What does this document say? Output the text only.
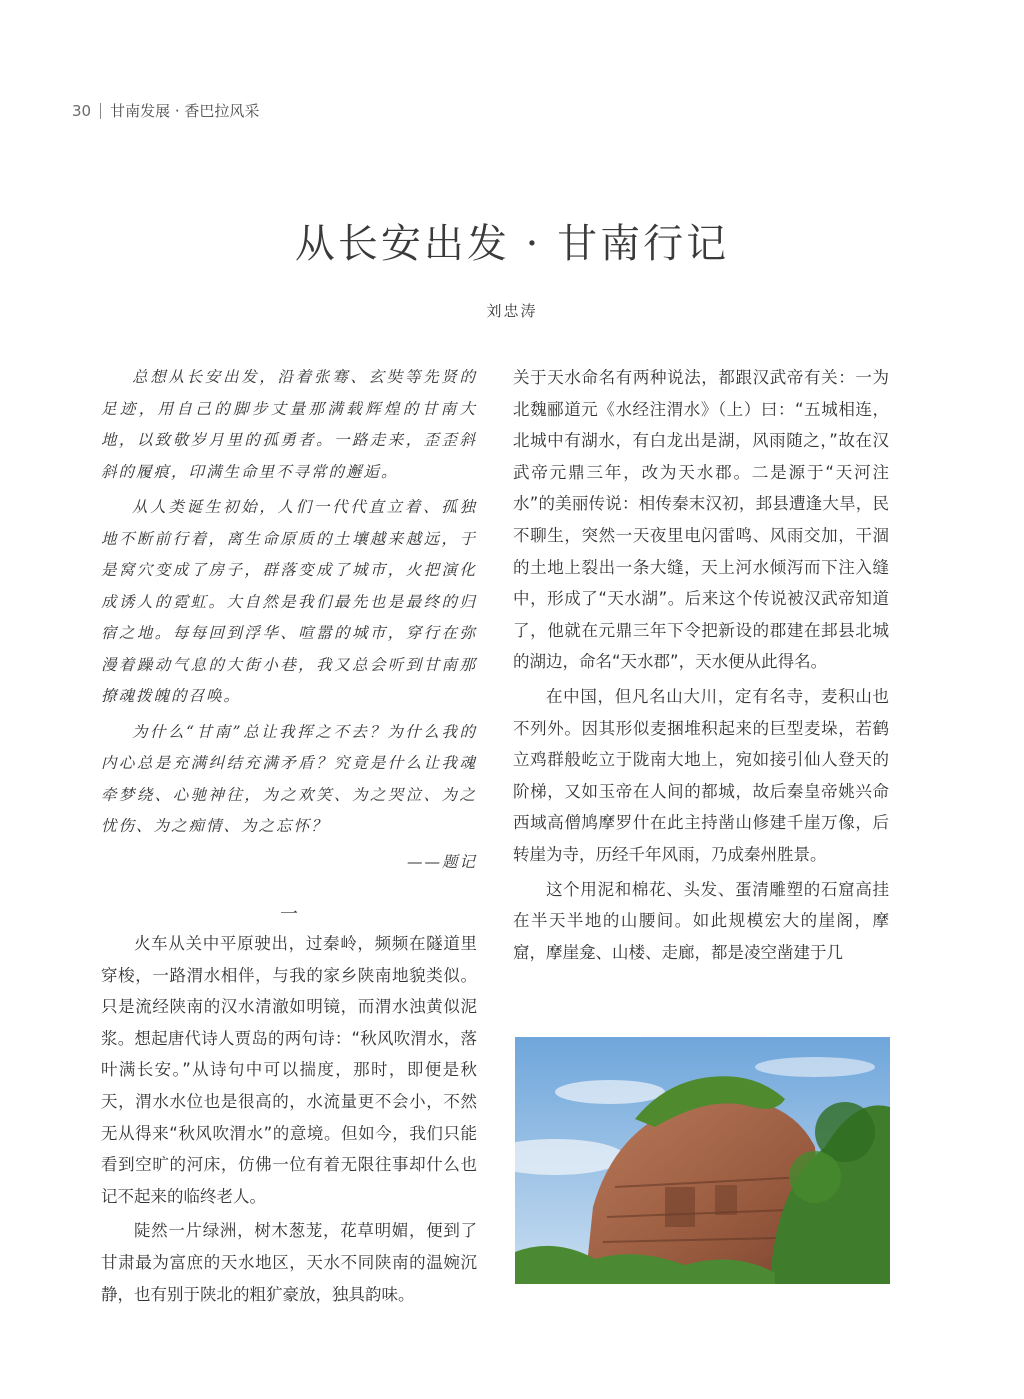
30 甘南发展 · 香巴拉风采
从长安出发 · 甘南行记
刘忠涛

总想从长安出发，沿着张骞、玄奘等先贤的足迹，用自己的脚步丈量那满载辉煌的甘南大地，以致敬岁月里的孤勇者。一路走来，歪歪斜斜的履痕，印满生命里不寻常的邂逅。

从人类诞生初始，人们一代代直立着、孤独地不断前行着，离生命原质的土壤越来越远，于是窝穴变成了房子，群落变成了城市，火把演化成诱人的霓虹。大自然是我们最先也是最终的归宿之地。每每回到浮华、喧嚣的城市，穿行在弥漫着躁动气息的大街小巷，我又总会听到甘南那撩魂拨魄的召唤。

为什么“甘南”总让我挥之不去？为什么我的内心总是充满纠结充满矛盾？究竟是什么让我魂牵梦绕、心驰神往，为之欢笑、为之哭泣、为之忧伤、为之痴情、为之忘怀？

——题记

一

火车从关中平原驶出，过秦岭，频频在隧道里穿梭，一路渭水相伴，与我的家乡陕南地貌类似。只是流经陕南的汉水清澈如明镜，而渭水浊黄似泥浆。想起唐代诗人贾岛的两句诗：“秋风吹渭水，落叶满长安。”从诗句中可以揣度，那时，即便是秋天，渭水水位也是很高的，水流量更不会小，不然无从得来“秋风吹渭水”的意境。但如今，我们只能看到空旷的河床，仿佛一位有着无限往事却什么也记不起来的临终老人。

陡然一片绿洲，树木葱茏，花草明媚，便到了甘肃最为富庶的天水地区，天水不同陕南的温婉沉静，也有别于陕北的粗犷豪放，独具韵味。

关于天水命名有两种说法，都跟汉武帝有关：一为北魏郦道元《水经注渭水》（上）曰：“五城相连，北城中有湖水，有白龙出是湖，风雨随之，”故在汉武帝元鼎三年，改为天水郡。二是源于“天河注水”的美丽传说：相传秦末汉初，邽县遭逢大旱，民不聊生，突然一天夜里电闪雷鸣、风雨交加，干涸的土地上裂出一条大缝，天上河水倾泻而下注入缝中，形成了“天水湖”。后来这个传说被汉武帝知道了，他就在元鼎三年下令把新设的郡建在邽县北城的湖边，命名“天水郡”，天水便从此得名。

在中国，但凡名山大川，定有名寺，麦积山也不列外。因其形似麦捆堆积起来的巨型麦垛，若鹤立鸡群般屹立于陇南大地上，宛如接引仙人登天的阶梯，又如玉帝在人间的都城，故后秦皇帝姚兴命西域高僧鸠摩罗什在此主持凿山修建千崖万像，后转崖为寺，历经千年风雨，乃成秦州胜景。

这个用泥和棉花、头发、蛋清雕塑的石窟高挂在半天半地的山腰间。如此规模宏大的崖阁，摩窟，摩崖龛、山楼、走廊，都是凌空凿建于几
